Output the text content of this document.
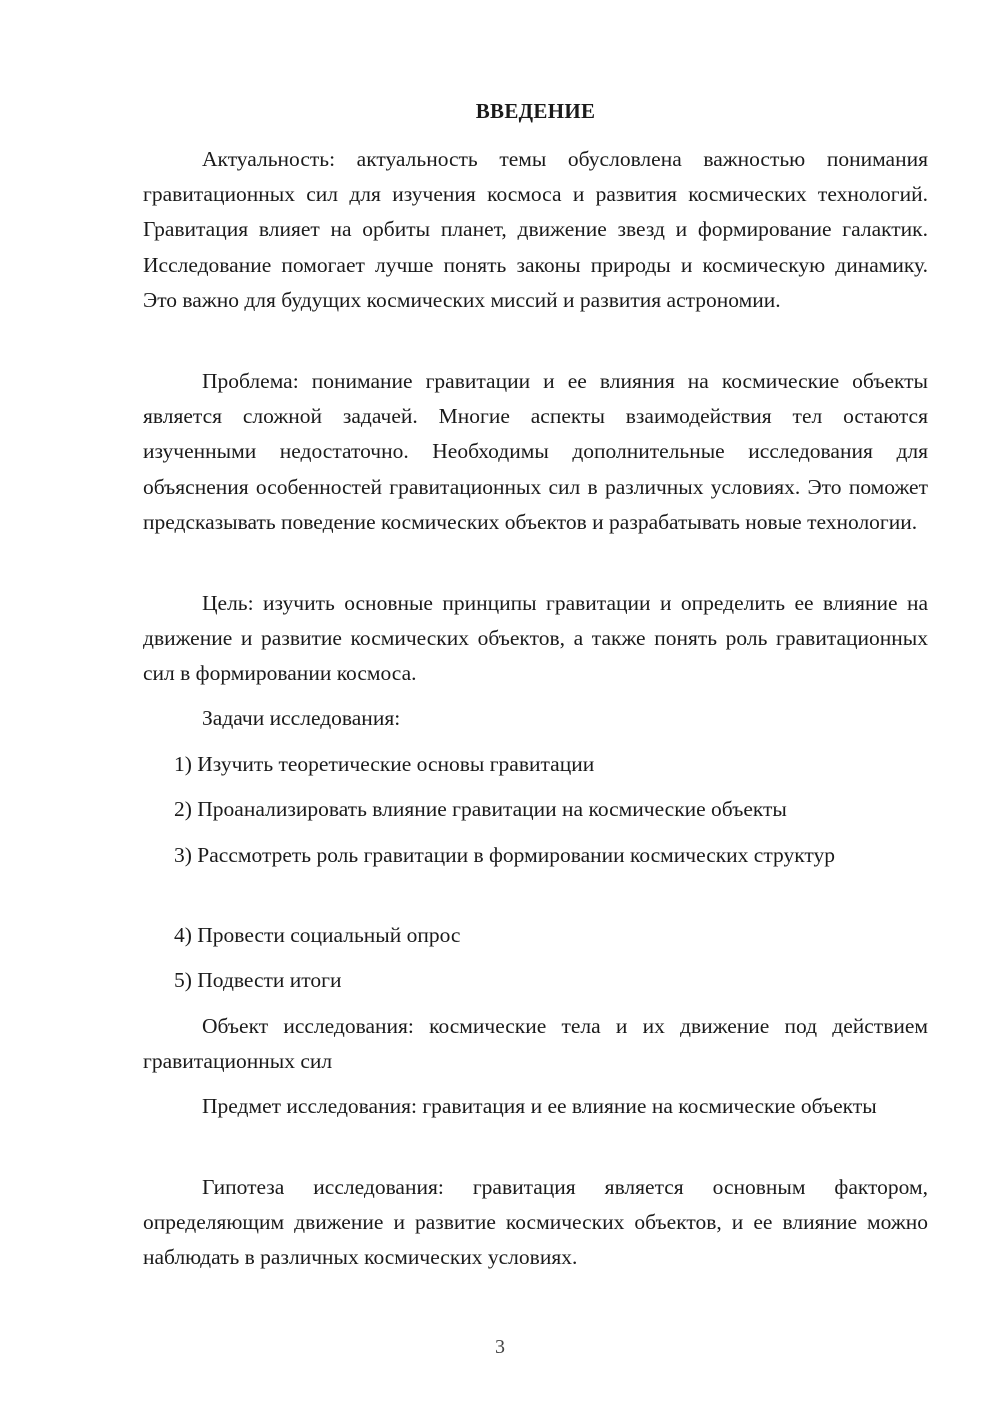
ВВЕДЕНИЕ

Актуальность: актуальность темы обусловлена важностью понимания гравитационных сил для изучения космоса и развития космических технологий. Гравитация влияет на орбиты планет, движение звезд и формирование галактик. Исследование помогает лучше понять законы природы и космическую динамику. Это важно для будущих космических миссий и развития астрономии.

Проблема: понимание гравитации и ее влияния на космические объекты является сложной задачей. Многие аспекты взаимодействия тел остаются изученными недостаточно. Необходимы дополнительные исследования для объяснения особенностей гравитационных сил в различных условиях. Это поможет предсказывать поведение космических объектов и разрабатывать новые технологии.

Цель: изучить основные принципы гравитации и определить ее влияние на движение и развитие космических объектов, а также понять роль гравитационных сил в формировании космоса.

Задачи исследования:

1) Изучить теоретические основы гравитации

2) Проанализировать влияние гравитации на космические объекты

3) Рассмотреть роль гравитации в формировании космических структур

4) Провести социальный опрос

5) Подвести итоги

Объект исследования: космические тела и их движение под действием гравитационных сил

Предмет исследования: гравитация и ее влияние на космические объекты

Гипотеза исследования: гравитация является основным фактором, определяющим движение и развитие космических объектов, и ее влияние можно наблюдать в различных космических условиях.

3
